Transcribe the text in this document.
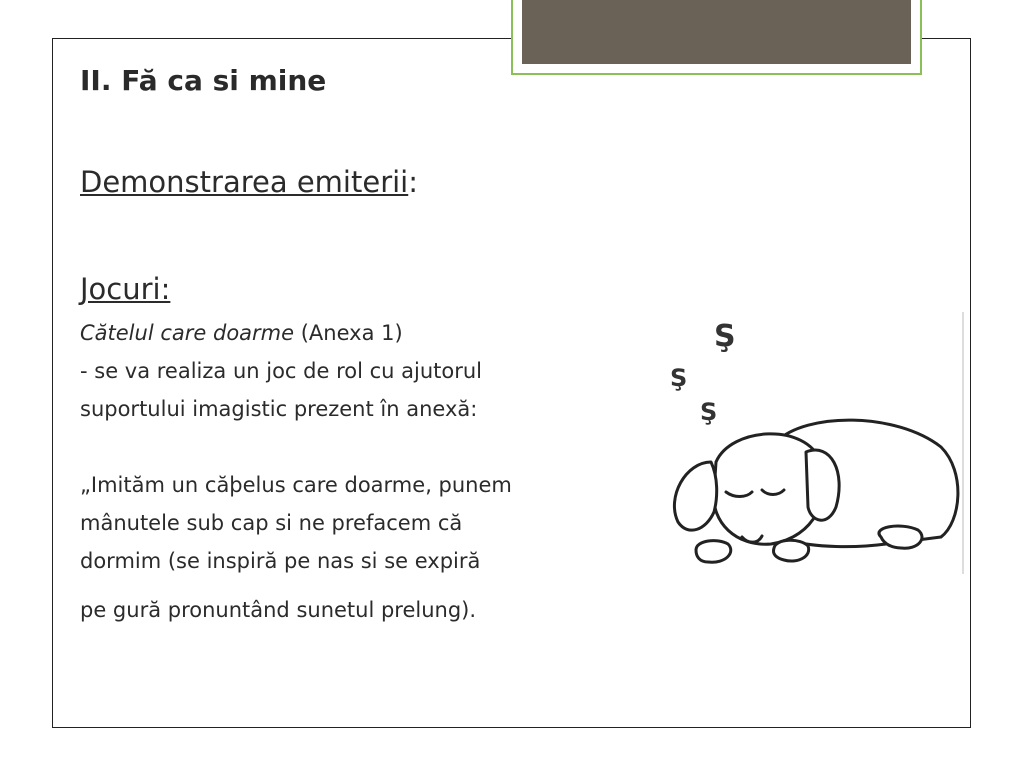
II. Fă ca si mine
Demonstrarea emiterii:
Jocuri:
Cătelul care doarme (Anexa 1)
- se va realiza un joc de rol cu ajutorul
suportului imagistic prezent în anexă:
„Imităm un căþelus care doarme, punem
mânutele sub cap si ne prefacem că
dormim (se inspiră pe nas si se expiră
pe gură pronuntând sunetul prelung).
Ş
Ş
Ş
